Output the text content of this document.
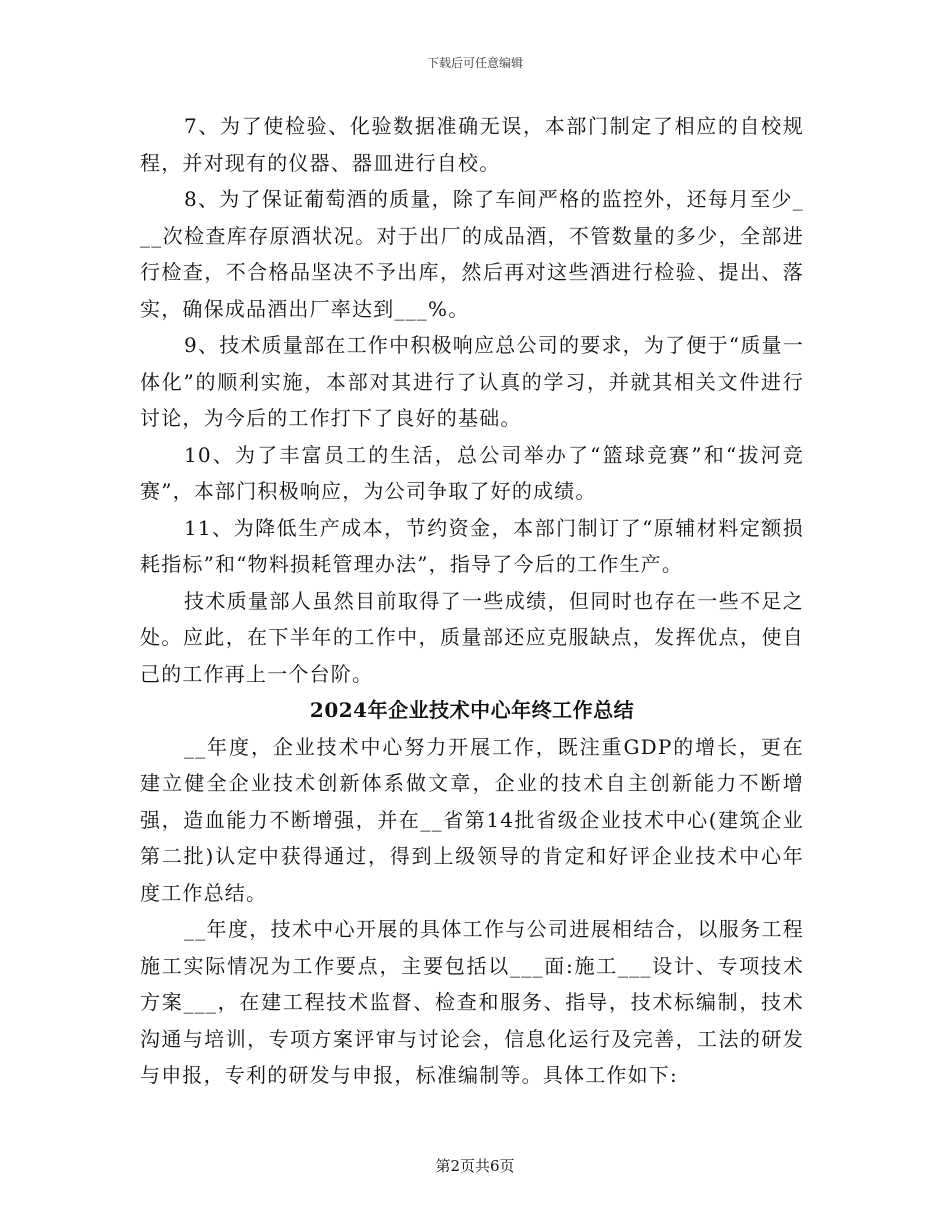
下载后可任意编辑

7、为了使检验、化验数据准确无误，本部门制定了相应的自校规程，并对现有的仪器、器皿进行自校。

8、为了保证葡萄酒的质量，除了车间严格的监控外，还每月至少___次检查库存原酒状况。对于出厂的成品酒，不管数量的多少，全部进行检查，不合格品坚决不予出库，然后再对这些酒进行检验、提出、落实，确保成品酒出厂率达到___%。

9、技术质量部在工作中积极响应总公司的要求，为了便于“质量一体化”的顺利实施，本部对其进行了认真的学习，并就其相关文件进行讨论，为今后的工作打下了良好的基础。

10、为了丰富员工的生活，总公司举办了“篮球竞赛”和“拔河竞赛”，本部门积极响应，为公司争取了好的成绩。

11、为降低生产成本，节约资金，本部门制订了“原辅材料定额损耗指标”和“物料损耗管理办法”，指导了今后的工作生产。

技术质量部人虽然目前取得了一些成绩，但同时也存在一些不足之处。应此，在下半年的工作中，质量部还应克服缺点，发挥优点，使自己的工作再上一个台阶。

2024年企业技术中心年终工作总结

__年度，企业技术中心努力开展工作，既注重GDP的增长，更在建立健全企业技术创新体系做文章，企业的技术自主创新能力不断增强，造血能力不断增强，并在__省第14批省级企业技术中心(建筑企业第二批)认定中获得通过，得到上级领导的肯定和好评企业技术中心年度工作总结。

__年度，技术中心开展的具体工作与公司进展相结合，以服务工程施工实际情况为工作要点，主要包括以___面:施工___设计、专项技术方案___，在建工程技术监督、检查和服务、指导，技术标编制，技术沟通与培训，专项方案评审与讨论会，信息化运行及完善，工法的研发与申报，专利的研发与申报，标准编制等。具体工作如下:

第2页共6页
